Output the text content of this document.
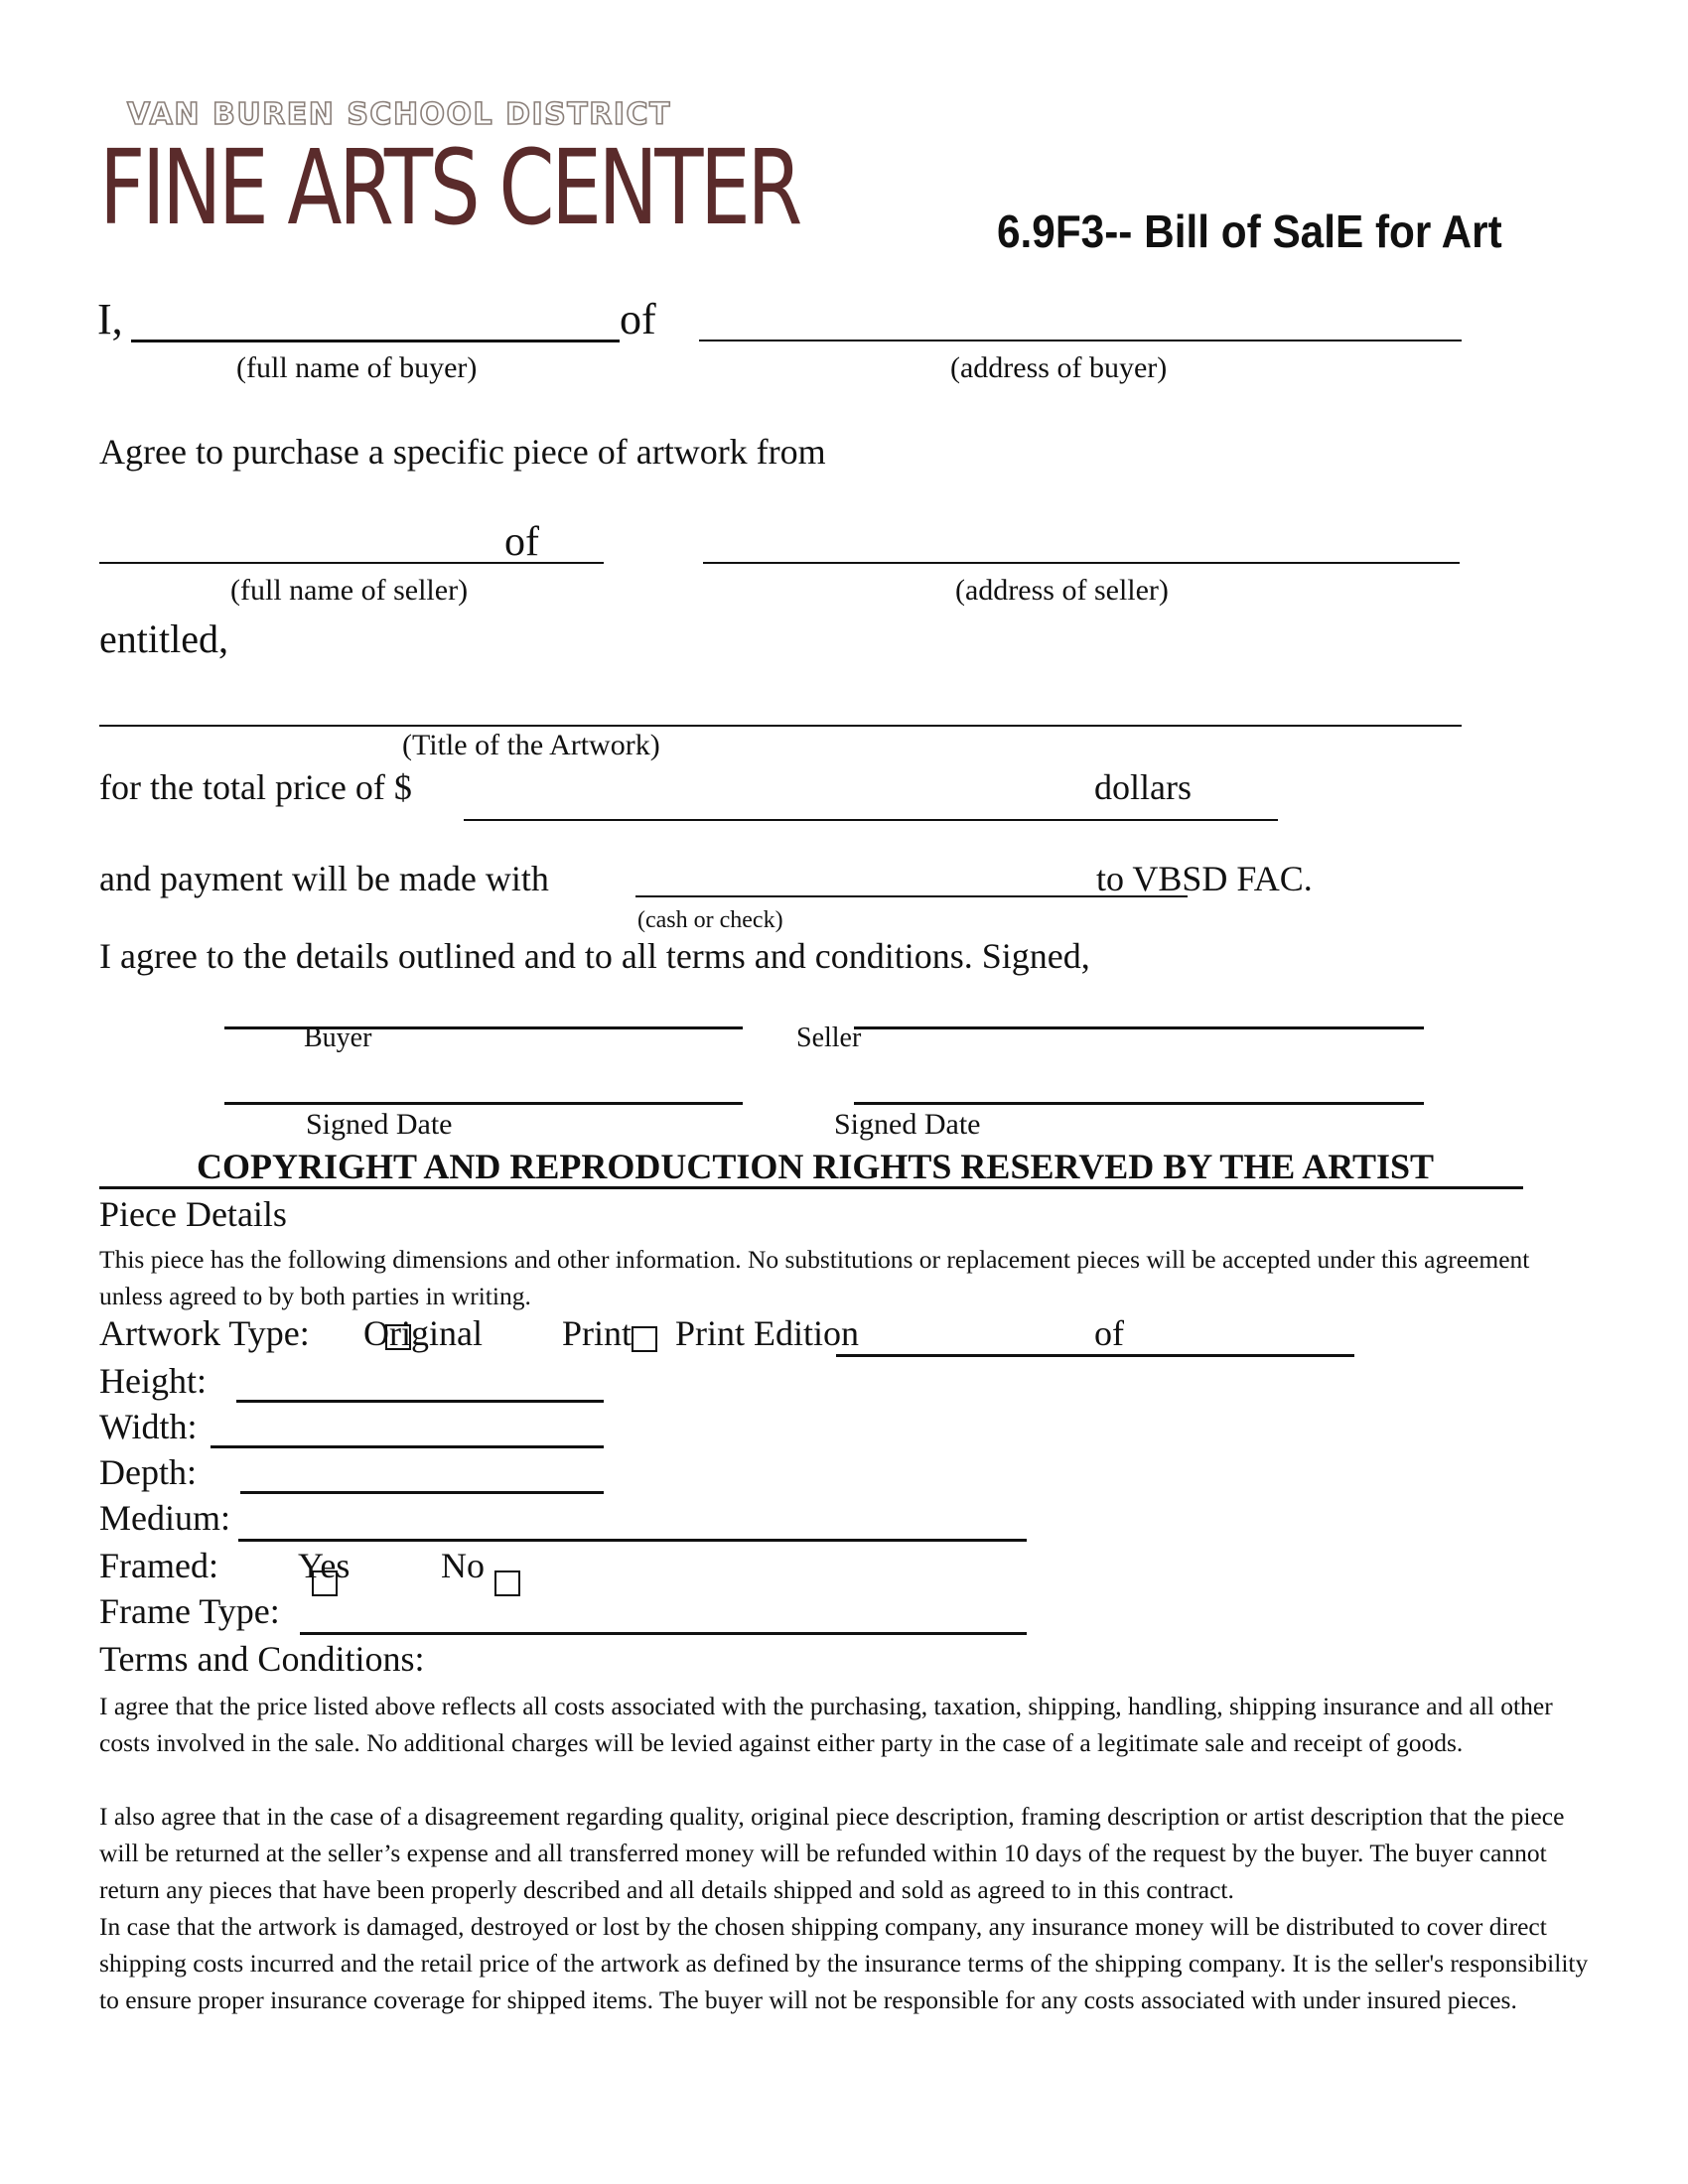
VAN BUREN SCHOOL DISTRICT
FINE ARTS CENTER	6.9F3-- Bill of SalE for Art
I,	of
(full name of buyer)	(address of buyer)
Agree to purchase a specific piece of artwork from
of
(full name of seller)	(address of seller)
entitled,
(Title of the Artwork)
for the total price of $	dollars
and payment will be made with	to VBSD FAC.
(cash or check)
I agree to the details outlined and to all terms and conditions. Signed,
Buyer	Seller
Signed Date	Signed Date
COPYRIGHT AND REPRODUCTION RIGHTS RESERVED BY THE ARTIST
Piece Details
This piece has the following dimensions and other information. No substitutions or replacement pieces will be accepted under this agreement unless agreed to by both parties in writing.
Artwork Type: Original Print Print Edition	of
Height:
Width:
Depth:
Medium:
Framed: Yes	No
Frame Type:
Terms and Conditions:
I agree that the price listed above reflects all costs associated with the purchasing, taxation, shipping, handling, shipping insurance and all other costs involved in the sale. No additional charges will be levied against either party in the case of a legitimate sale and receipt of goods.
I also agree that in the case of a disagreement regarding quality, original piece description, framing description or artist description that the piece will be returned at the seller’s expense and all transferred money will be refunded within 10 days of the request by the buyer. The buyer cannot return any pieces that have been properly described and all details shipped and sold as agreed to in this contract.
In case that the artwork is damaged, destroyed or lost by the chosen shipping company, any insurance money will be distributed to cover direct shipping costs incurred and the retail price of the artwork as defined by the insurance terms of the shipping company. It is the seller's responsibility to ensure proper insurance coverage for shipped items. The buyer will not be responsible for any costs associated with under insured pieces.
